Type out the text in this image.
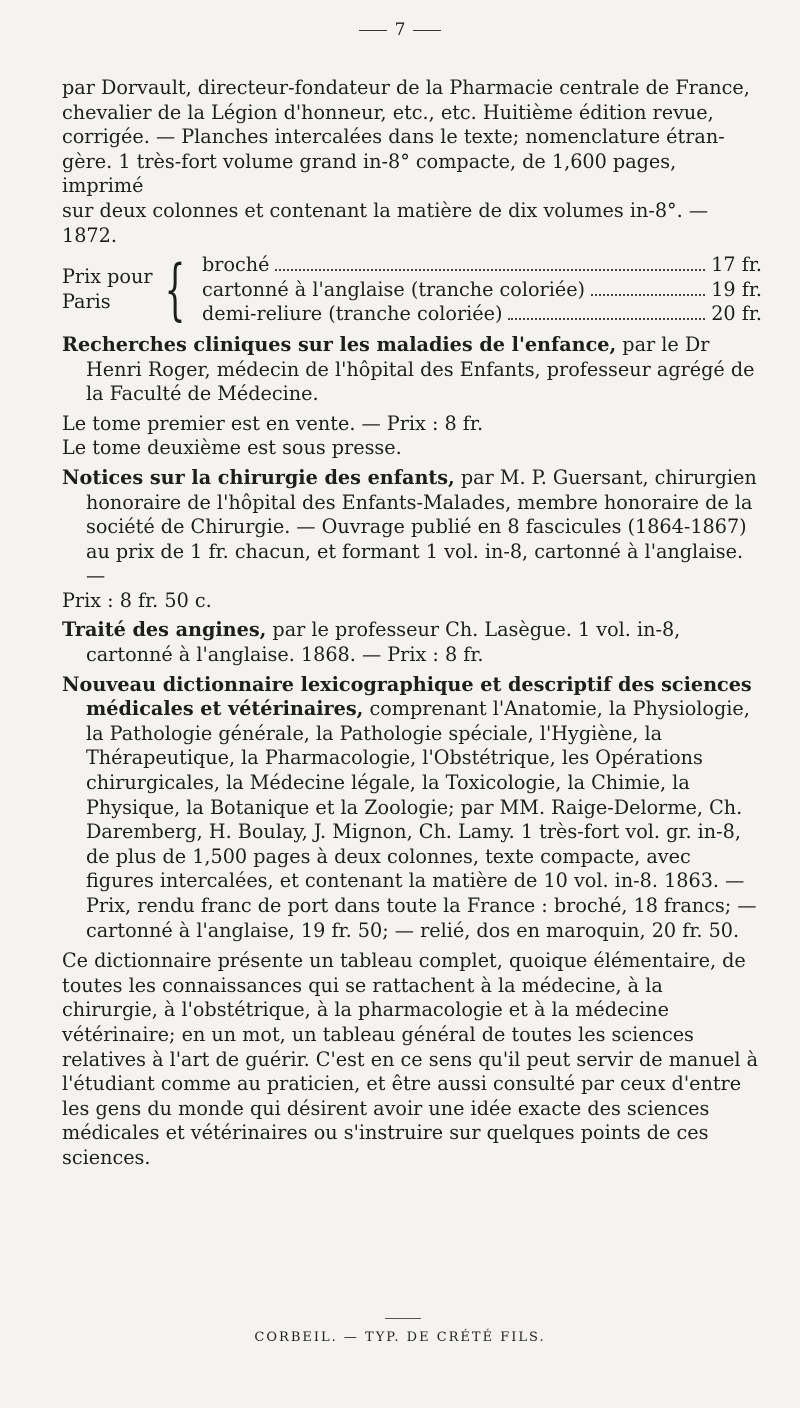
7
par Dorvault, directeur-fondateur de la Pharmacie centrale de France,
chevalier de la Légion d'honneur, etc., etc. Huitième édition revue,
corrigée. — Planches intercalées dans le texte; nomenclature étran-
gère. 1 très-fort volume grand in-8° compacte, de 1,600 pages, imprimé
sur deux colonnes et contenant la matière de dix volumes in-8°. — 1872.
Prix pour Paris { broché	17 fr.
cartonné à l'anglaise (tranche coloriée)	19 fr.
demi-reliure (tranche coloriée)	20 fr.
Recherches cliniques sur les maladies de l'enfance, par le Dr Henri Roger, médecin de l'hôpital des Enfants, professeur agrégé de la Faculté de Médecine.
Le tome premier est en vente. — Prix : 8 fr.
Le tome deuxième est sous presse.
Notices sur la chirurgie des enfants, par M. P. Guersant, chirurgien honoraire de l'hôpital des Enfants-Malades, membre honoraire de la société de Chirurgie. — Ouvrage publié en 8 fascicules (1864-1867) au prix de 1 fr. chacun, et formant 1 vol. in-8, cartonné à l'anglaise. —
Prix : 8 fr. 50 c.
Traité des angines, par le professeur Ch. Lasègue. 1 vol. in-8, cartonné à l'anglaise. 1868. — Prix : 8 fr.
Nouveau dictionnaire lexicographique et descriptif des sciences médicales et vétérinaires, comprenant l'Anatomie, la Physiologie, la Pathologie générale, la Pathologie spéciale, l'Hygiène, la Thérapeutique, la Pharmacologie, l'Obstétrique, les Opérations chirurgicales, la Médecine légale, la Toxicologie, la Chimie, la Physique, la Botanique et la Zoologie; par MM. Raige-Delorme, Ch. Daremberg, H. Boulay, J. Mignon, Ch. Lamy. 1 très-fort vol. gr. in-8, de plus de 1,500 pages à deux colonnes, texte compacte, avec figures intercalées, et contenant la matière de 10 vol. in-8. 1863. — Prix, rendu franc de port dans toute la France : broché, 18 francs; — cartonné à l'anglaise, 19 fr. 50; — relié, dos en maroquin, 20 fr. 50.
Ce dictionnaire présente un tableau complet, quoique élémentaire, de toutes les connaissances qui se rattachent à la médecine, à la chirurgie, à l'obstétrique, à la pharmacologie et à la médecine vétérinaire; en un mot, un tableau général de toutes les sciences relatives à l'art de guérir. C'est en ce sens qu'il peut servir de manuel à l'étudiant comme au praticien, et être aussi consulté par ceux d'entre les gens du monde qui désirent avoir une idée exacte des sciences médicales et vétérinaires ou s'instruire sur quelques points de ces sciences.
CORBEIL. — TYP. DE CRÉTÉ FILS.
